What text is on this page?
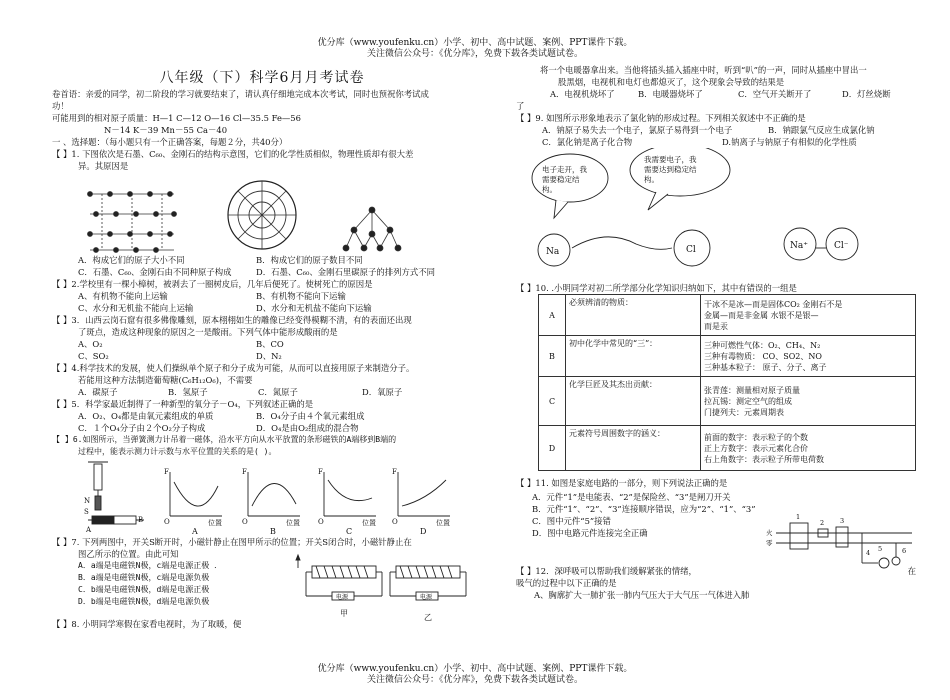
优分库（www.youfenku.cn）小学、初中、高中试题、案例、PPT课件下载。
关注微信公众号：《优分库》，免费下载各类试题试卷。
八年级（下）科学6月月考试卷

卷首语：亲爱的同学，初二阶段的学习就要结束了，请认真仔细地完成本次考试，同时也预祝你考试成

功！

可能用到的相对原子质量：H—1 C—12 O—16 Cl—35.5 Fe—56

N－14 K－39 Mn－55 Ca－40

一 、选择题：（每小题只有一个正确答案，每题２分，共40分）

【 】1. 下图依次是石墨、C₆₀、金刚石的结构示意图，它们的化学性质相似，物理性质却有很大差

异。其原因是

A．构成它们的原子大小不同	B．构成它们的原子数目不同
C．石墨、C₆₀、金刚石由不同种原子构成	D．石墨、C₆₀、金刚石里碳原子的排列方式不同

【 】2.学校里有一棵小樟树，被剥去了一圈树皮后，几年后便死了。使树死亡的原因是

A、有机物不能向上运输	B、有机物不能向下运输
C、水分和无机盐不能向上运输	D、水分和无机盐不能向下运输

【 】3．山西云岗石窟有很多佛像雕刻，原本栩栩如生的雕像已经变得模糊不清，有的表面还出现

了斑点，造成这种现象的原因之一是酸雨。下列气体中能形成酸雨的是

A、O₂	B、CO
C、SO₂	D、N₂

【 】4.科学技术的发展，使人们操纵单个原子和分子成为可能，从而可以直接用原子来制造分子。

若能用这种方法制造葡萄糖(C₆H₁₂O₆)，不需要

A．碳原子	B．氢原子	C．氮原子	D．氧原子

【 】5．科学家最近制得了一种新型的氧分子－O₄，下列叙述正确的是

A．O₂、O₄都是由氧元素组成的单质	B．O₄分子由４个氧元素组成
C．１个O₄分子由２个O₂分子构成	D．O₄是由O₂组成的混合物

【 】6.如图所示，当弹簧测力计吊着一磁体，沿水平方向从水平放置的条形磁铁的A端移到B端的

过程中，能表示测力计示数与水平位置的关系的是( )。

S
N
A
B
F	F	F	F
位置	位置	位置	位置
O	O	O	O
A	B	C	D

【 】7. 下列两图中，开关S断开时，小磁针静止在图甲所示的位置；开关S闭合时，小磁针静止在

图乙所示的位置。由此可知

A．a端是电磁铁N极，c端是电源正极 ．

B．a端是电磁铁N极，c端是电源负极

C．b端是电磁铁N极，d端是电源正极

D．b端是电磁铁N极，d端是电源负极	电源	电源
甲	乙

【 】8. 小明同学寒假在家看电视时，为了取暖，便

将一个电暖器拿出来。当他将插头插入插座中时，听到“叭”的一声，同时从插座中冒出一

股黑烟，电视机和电灯也都熄灭了，这个现象会导致的结果是

A．电视机烧坏了	B．电暖器烧坏了	C．空气开关断开了	D．灯丝烧断

了

【 】9. 如图所示形象地表示了氯化钠的形成过程。下列相关叙述中不正确的是

A．钠原子易失去一个电子，氯原子易得到一个电子	B．钠跟氯气反应生成氯化钠
C．氯化钠是离子化合物	D.钠离子与钠原子有相似的化学性质
电子走开，我
需要稳定结
构。
我需要电子，我
需要达到稳定结
构。
Na	Cl	Na⁺	Cl⁻

【 】10. .小明同学对初二所学部分化学知识归纳如下，其中有错误的一组是

A	必须辨清的物质：	干冰不是冰—而是固体CO₂ 金刚石不是
金属—而是非金属 水银不是银—
而是汞

B	初中化学中常见的“三”：	三种可燃性气体：O₂、CH₄、N₂
三种有毒物质： CO、SO2、NO
三种基本粒子： 原子、分子、离子

C	化学巨匠及其杰出贡献：	张青莲：测量相对原子质量
拉瓦锡：测定空气的组成
门捷列夫：元素周期表

D	元素符号周围数字的涵义：	前面的数字：表示粒子的个数
正上方数字：表示元素化合价
右上角数字：表示粒子所带电荷数

【 】11. 如图是家庭电路的一部分，则下列说法正确的是

A．元件“1”是电能表、“2”是保险丝、“3”是闸刀开关

B．元件“1”、“2”、“3”连接顺序错误，应为“2”、“1”、“3”

C．图中元件“5”接错

D．图中电路元件连接完全正确	火
零
1
2 3
4 5	6
【 】12．深呼吸可以帮助我们缓解紧张的情绪，	在

吸气的过程中以下正确的是

A、胸廓扩大一肺扩张一肺内气压大于大气压一气体进入肺

优分库（www.youfenku.cn）小学、初中、高中试题、案例、PPT课件下载。
关注微信公众号：《优分库》，免费下载各类试题试卷。
